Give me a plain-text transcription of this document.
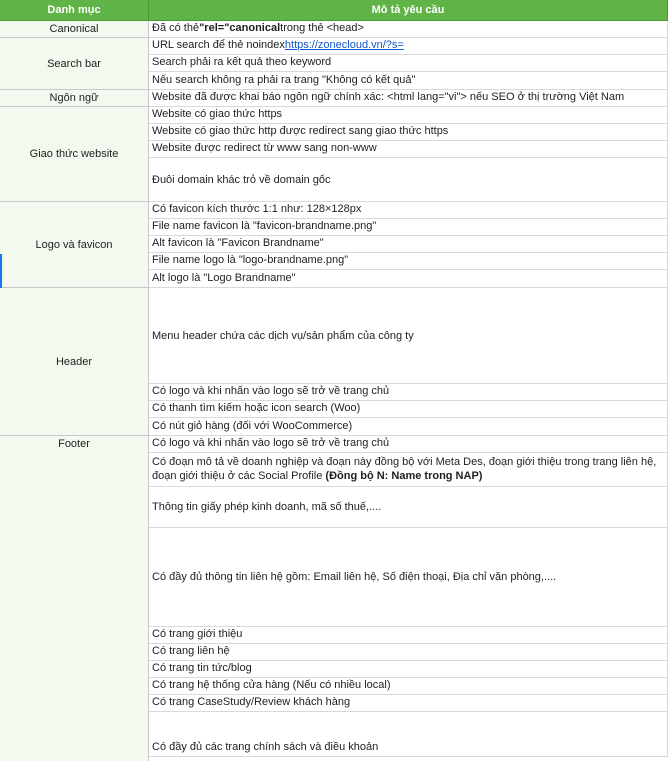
Danh mục	Mô tả yêu cầu
Canonical
Search bar
Ngôn ngữ
Giao thức website
Logo và favicon
Header
Footer
Đã có thẻ "rel="canonical trong thẻ <head>
URL search để thẻ noindex https://zonecloud.vn/?s=
Search phải ra kết quả theo keyword
Nếu search không ra phải ra trang "Không có kết quả"
Website đã được khai báo ngôn ngữ chính xác: <html lang="vi"> nếu SEO ở thị trường Việt Nam
Website có giao thức https
Website có giao thức http được redirect sang giao thức https
Website được redirect từ www sang non-www
Đuôi domain khác trỏ về domain gốc
Có favicon kích thước 1:1 như: 128×128px
File name favicon là "favicon-brandname.png"
Alt favicon là "Favicon Brandname"
File name logo là "logo-brandname.png"
Alt logo là "Logo Brandname"
Menu header chứa các dịch vụ/sản phẩm của công ty
Có logo và khi nhấn vào logo sẽ trở về trang chủ
Có thanh tìm kiếm hoặc icon search (Woo)
Có nút giỏ hàng (đối với WooCommerce)
Có logo và khi nhấn vào logo sẽ trở về trang chủ
Có đoạn mô tả về doanh nghiệp và đoạn này đồng bộ với Meta Des, đoạn giới thiệu trong trang liên hệ, đoạn giới thiệu ở các Social Profile (Đồng bộ N: Name trong NAP)
Thông tin giấy phép kinh doanh, mã số thuế,....
Có đầy đủ thông tin liên hệ gồm: Email liên hệ, Số điện thoại, Địa chỉ văn phòng,....
Có trang giới thiệu
Có trang liên hệ
Có trang tin tức/blog
Có trang hệ thống cửa hàng (Nếu có nhiều local)
Có trang CaseStudy/Review khách hàng
Có đầy đủ các trang chính sách và điều khoản
